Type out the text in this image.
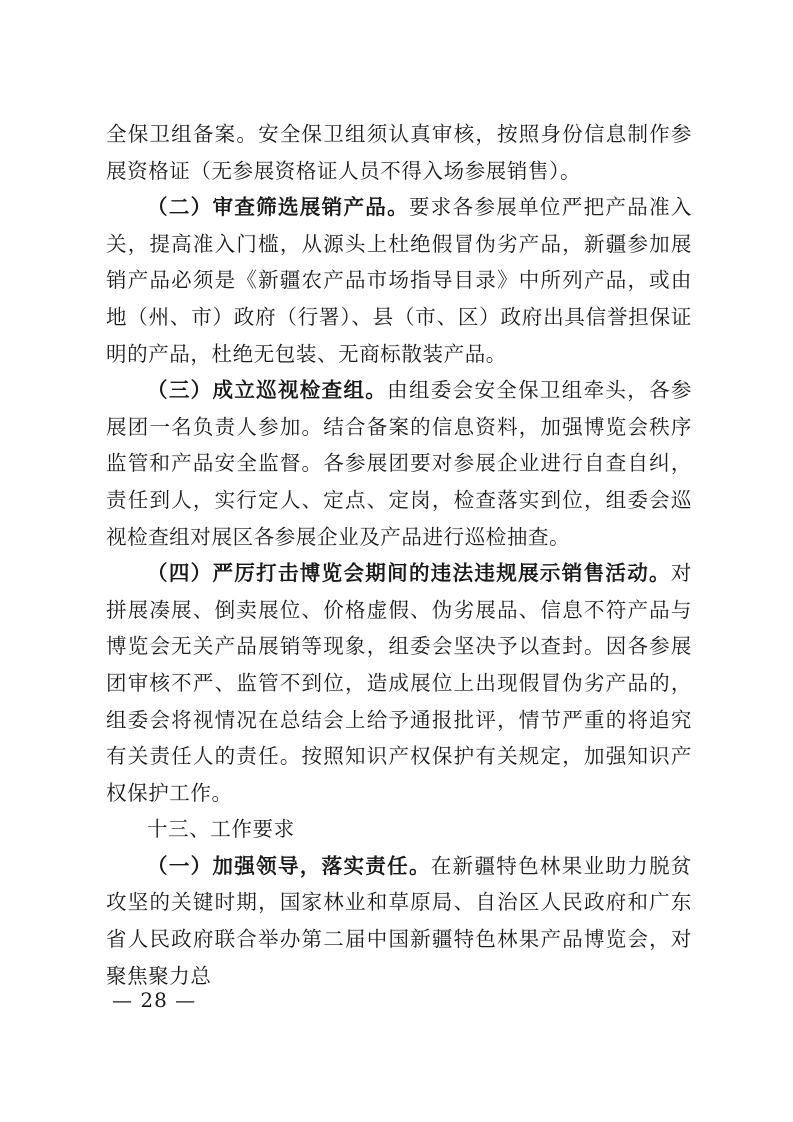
全保卫组备案。安全保卫组须认真审核，按照身份信息制作参展资格证（无参展资格证人员不得入场参展销售）。

（二）审查筛选展销产品。要求各参展单位严把产品准入关，提高准入门槛，从源头上杜绝假冒伪劣产品，新疆参加展销产品必须是《新疆农产品市场指导目录》中所列产品，或由地（州、市）政府（行署）、县（市、区）政府出具信誉担保证明的产品，杜绝无包装、无商标散装产品。

（三）成立巡视检查组。由组委会安全保卫组牵头，各参展团一名负责人参加。结合备案的信息资料，加强博览会秩序监管和产品安全监督。各参展团要对参展企业进行自查自纠，责任到人，实行定人、定点、定岗，检查落实到位，组委会巡视检查组对展区各参展企业及产品进行巡检抽查。

（四）严厉打击博览会期间的违法违规展示销售活动。对拼展凑展、倒卖展位、价格虚假、伪劣展品、信息不符产品与博览会无关产品展销等现象，组委会坚决予以查封。因各参展团审核不严、监管不到位，造成展位上出现假冒伪劣产品的，组委会将视情况在总结会上给予通报批评，情节严重的将追究有关责任人的责任。按照知识产权保护有关规定，加强知识产权保护工作。

十三、工作要求

（一）加强领导，落实责任。在新疆特色林果业助力脱贫攻坚的关键时期，国家林业和草原局、自治区人民政府和广东省人民政府联合举办第二届中国新疆特色林果产品博览会，对聚焦聚力总

— 28 —
